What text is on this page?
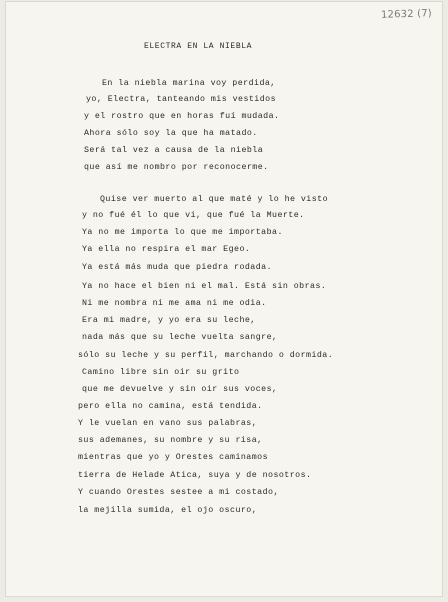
12632 (7)
ELECTRA EN LA NIEBLA
En la niebla marina voy perdida,
yo, Electra, tanteando mis vestidos
y el rostro que en horas fuí mudada.
Ahora sólo soy la que ha matado.
Será tal vez a causa de la niebla
que así me nombro por reconocerme.
Quise ver muerto al que maté y lo he visto
y no fué él lo que vi, que fué la Muerte.
Ya no me importa lo que me importaba.
Ya ella no respira el mar Egeo.
Ya está más muda que piedra rodada.
Ya no hace el bien ni el mal. Está sin obras.
Ni me nombra ni me ama ni me odia.
Era mi madre, y yo era su leche,
nada más que su leche vuelta sangre,
sólo su leche y su perfil, marchando o dormida.
Camino libre sin oir su grito
que me devuelve y sin oir sus voces,
pero ella no camina, está tendida.
Y le vuelan en vano sus palabras,
sus ademanes, su nombre y su risa,
mientras que yo y Orestes caminamos
tierra de Helade Atica, suya y de nosotros.
Y cuando Orestes sestee a mi costado,
la mejilla sumida, el ojo oscuro,
